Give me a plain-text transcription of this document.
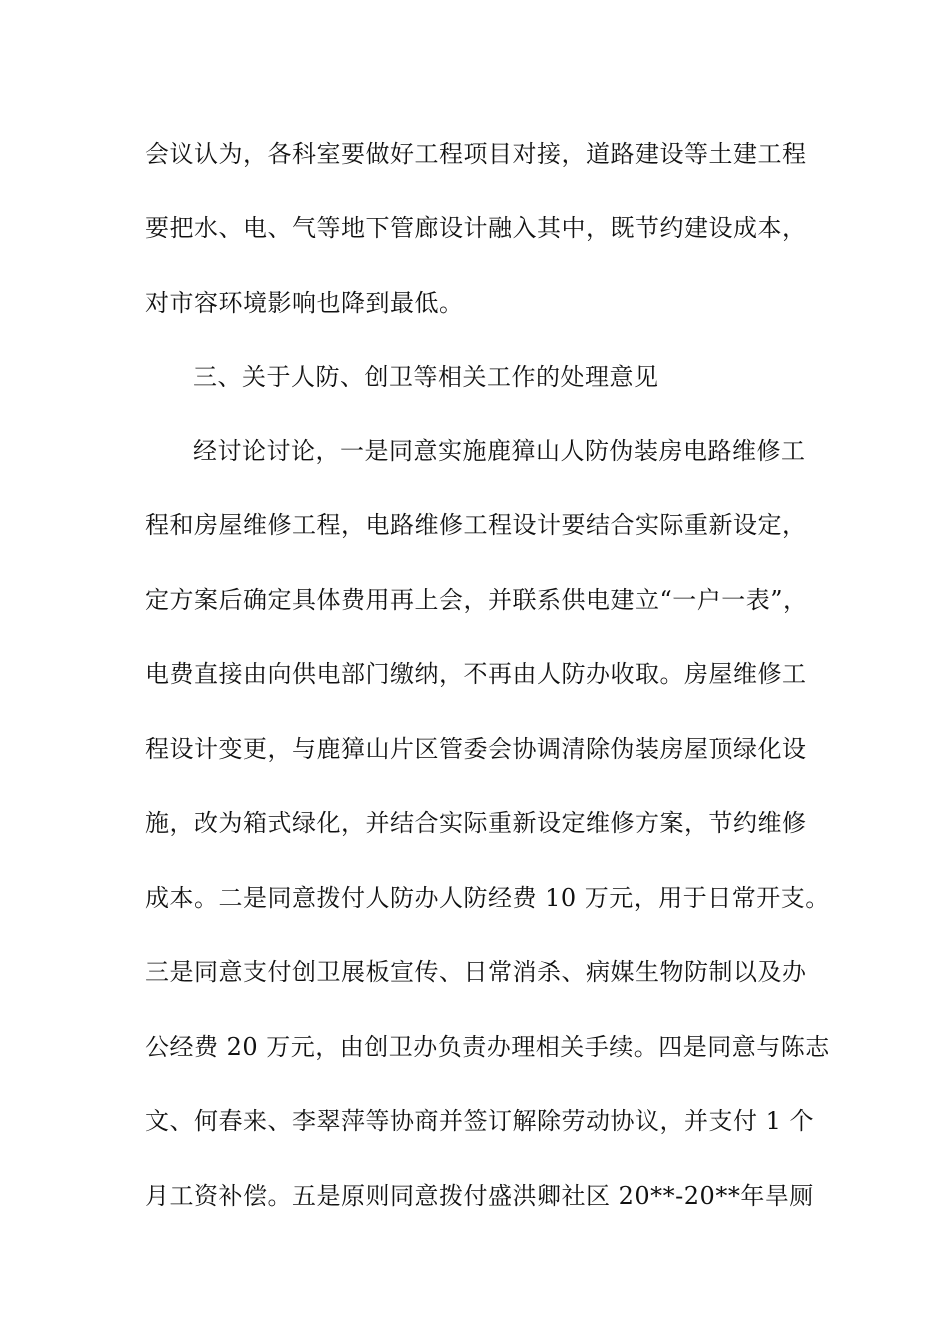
会议认为，各科室要做好工程项目对接，道路建设等土建工程
要把水、电、气等地下管廊设计融入其中，既节约建设成本，
对市容环境影响也降到最低。
三、关于人防、创卫等相关工作的处理意见
经讨论讨论，一是同意实施鹿獐山人防伪装房电路维修工
程和房屋维修工程，电路维修工程设计要结合实际重新设定，
定方案后确定具体费用再上会，并联系供电建立“一户一表”，
电费直接由向供电部门缴纳，不再由人防办收取。房屋维修工
程设计变更，与鹿獐山片区管委会协调清除伪装房屋顶绿化设
施，改为箱式绿化，并结合实际重新设定维修方案，节约维修
成本。二是同意拨付人防办人防经费 10 万元，用于日常开支。
三是同意支付创卫展板宣传、日常消杀、病媒生物防制以及办
公经费 20 万元，由创卫办负责办理相关手续。四是同意与陈志
文、何春来、李翠萍等协商并签订解除劳动协议，并支付 1 个
月工资补偿。五是原则同意拨付盛洪卿社区 20**-20**年旱厕
